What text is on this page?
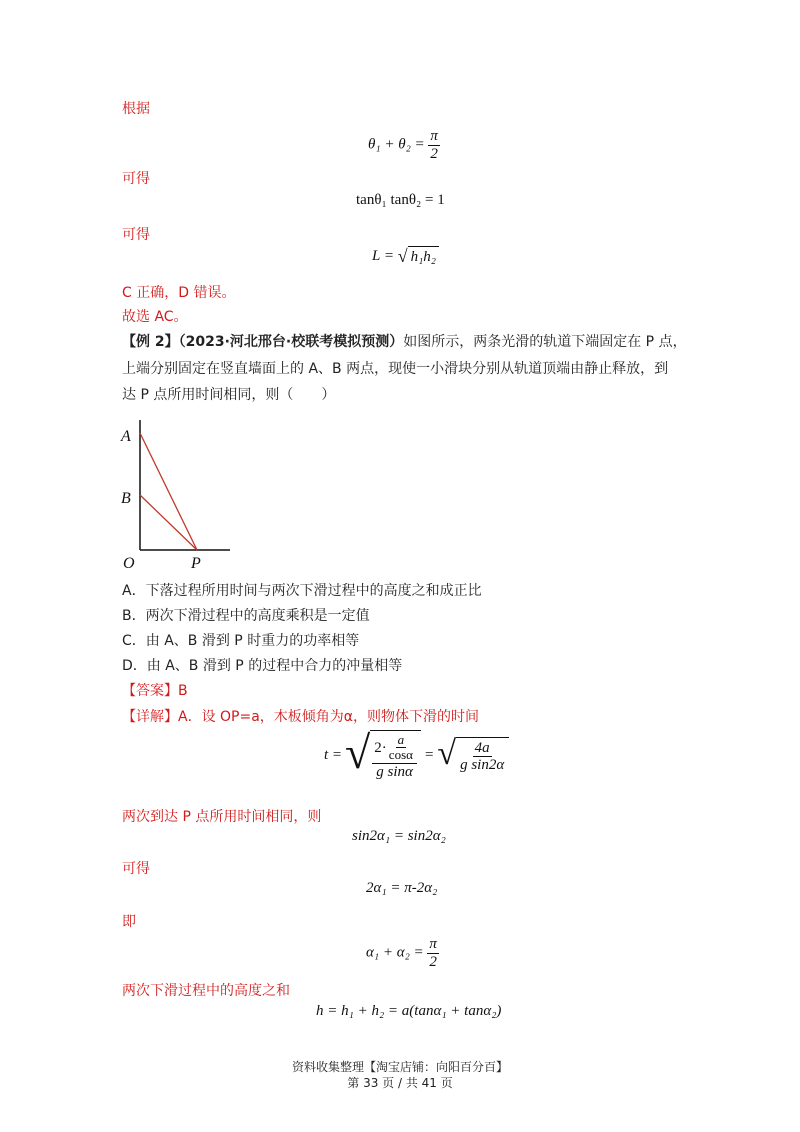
根据
$\theta_1 + \theta_2 = \frac{\pi}{2}$
可得
tanθ₁ tanθ₂ = 1
可得
L = √ h₁h₂
C 正确，D 错误。
故选 AC。
【例 2】（2023·河北邢台·校联考模拟预测）如图所示，两条光滑的轨道下端固定在 P 点，
上端分别固定在竖直墙面上的 A、B 两点，现使一小滑块分别从轨道顶端由静止释放，到
达 P 点所用时间相同，则（　　）
A
B
O	P
A．下落过程所用时间与两次下滑过程中的高度之和成正比
B．两次下滑过程中的高度乘积是一定值
C．由 A、B 滑到 P 时重力的功率相等
D．由 A、B 滑到 P 的过程中合力的冲量相等
【答案】B
【详解】A．设 OP=a，木板倾角为α，则物体下滑的时间
t = √ $\frac{2\cdot \frac{a}{\cos\alpha}}{\text{g sinα}}$ = √ $\frac{4a}{\text{g sin2α}}$
两次到达 P 点所用时间相同，则
sin2α₁ = sin2α₂
可得
2α₁ = π-2α₂
即
$\alpha_1 + \alpha_2 = \frac{\pi}{2}$
两次下滑过程中的高度之和
h = h₁ + h₂ = a(tanα₁ + tanα₂)
资料收集整理【淘宝店铺：向阳百分百】
第 33 页 / 共 41 页
